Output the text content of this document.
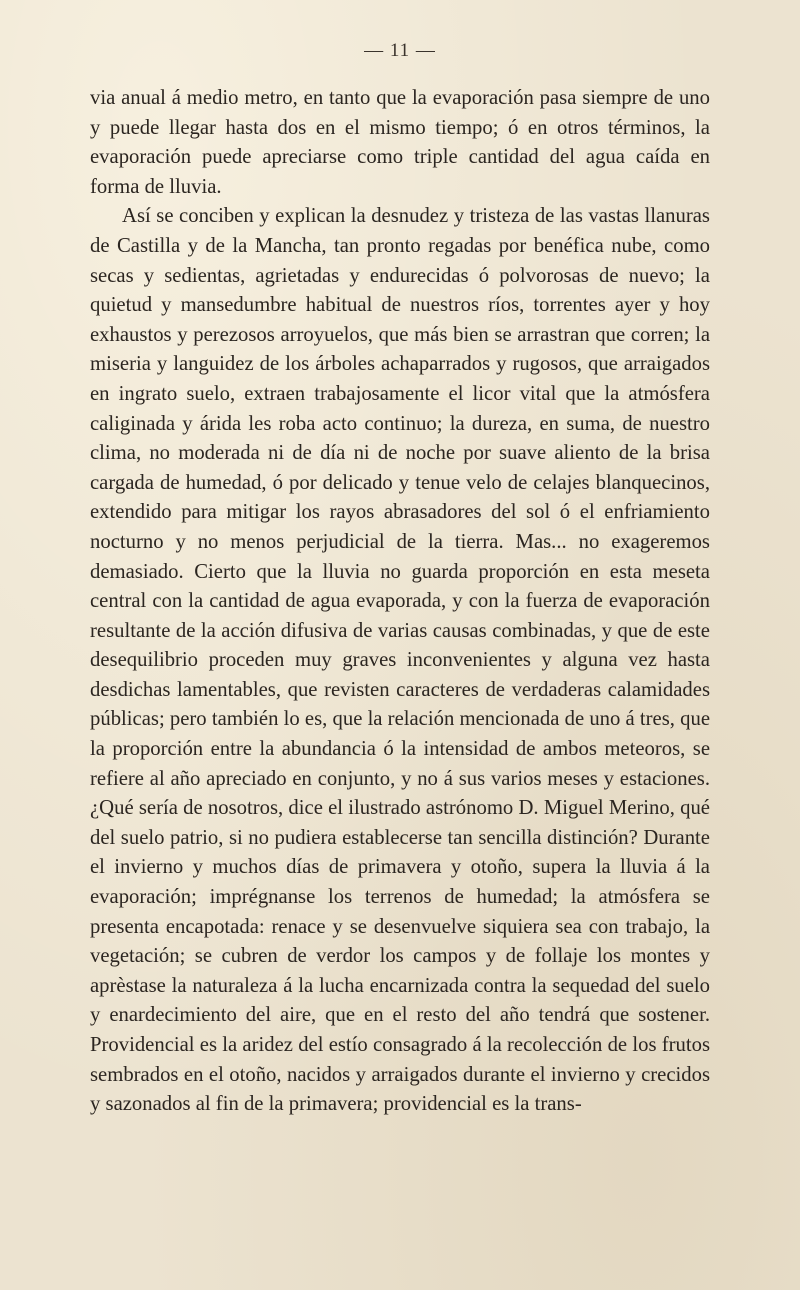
— 11 —

via anual á medio metro, en tanto que la evaporación pasa siempre de uno y puede llegar hasta dos en el mismo tiempo; ó en otros términos, la evaporación puede apreciarse como triple cantidad del agua caída en forma de lluvia.

Así se conciben y explican la desnudez y tristeza de las vastas llanuras de Castilla y de la Mancha, tan pronto regadas por benéfica nube, como secas y sedientas, agrietadas y endurecidas ó polvorosas de nuevo; la quietud y mansedumbre habitual de nuestros ríos, torrentes ayer y hoy exhaustos y perezosos arroyuelos, que más bien se arrastran que corren; la miseria y languidez de los árboles achaparrados y rugosos, que arraigados en ingrato suelo, extraen trabajosamente el licor vital que la atmósfera caliginada y árida les roba acto continuo; la dureza, en suma, de nuestro clima, no moderada ni de día ni de noche por suave aliento de la brisa cargada de humedad, ó por delicado y tenue velo de celajes blanquecinos, extendido para mitigar los rayos abrasadores del sol ó el enfriamiento nocturno y no menos perjudicial de la tierra. Mas... no exageremos demasiado. Cierto que la lluvia no guarda proporción en esta meseta central con la cantidad de agua evaporada, y con la fuerza de evaporación resultante de la acción difusiva de varias causas combinadas, y que de este desequilibrio proceden muy graves inconvenientes y alguna vez hasta desdichas lamentables, que revisten caracteres de verdaderas calamidades públicas; pero también lo es, que la relación mencionada de uno á tres, que la proporción entre la abundancia ó la intensidad de ambos meteoros, se refiere al año apreciado en conjunto, y no á sus varios meses y estaciones. ¿Qué sería de nosotros, dice el ilustrado astrónomo D. Miguel Merino, qué del suelo patrio, si no pudiera establecerse tan sencilla distinción? Durante el invierno y muchos días de primavera y otoño, supera la lluvia á la evaporación; imprégnanse los terrenos de humedad; la atmósfera se presenta encapotada: renace y se desenvuelve siquiera sea con trabajo, la vegetación; se cubren de verdor los campos y de follaje los montes y aprèstase la naturaleza á la lucha encarnizada contra la sequedad del suelo y enardecimiento del aire, que en el resto del año tendrá que sostener. Providencial es la aridez del estío consagrado á la recolección de los frutos sembrados en el otoño, nacidos y arraigados durante el invierno y crecidos y sazonados al fin de la primavera; providencial es la trans-
